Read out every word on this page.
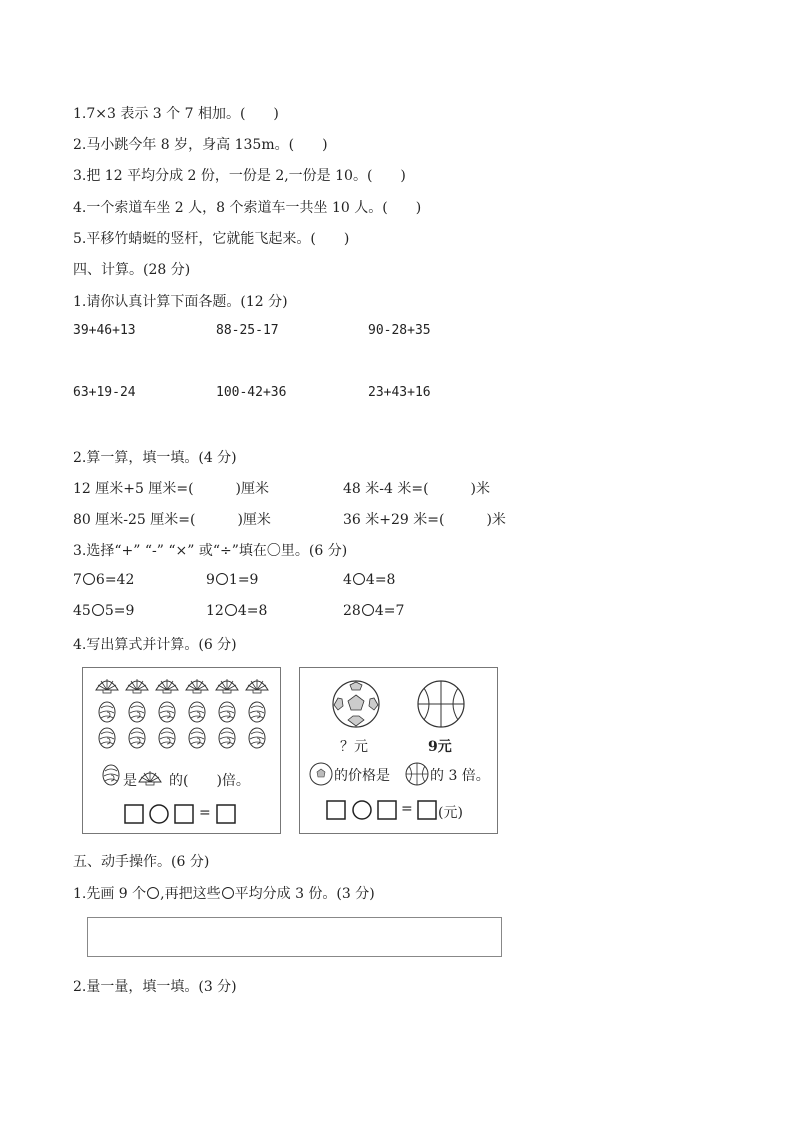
1.7×3 表示 3 个 7 相加。(　　)
2.马小跳今年 8 岁，身高 135m。(　　)
3.把 12 平均分成 2 份，一份是 2,一份是 10。(　　)
4.一个索道车坐 2 人，8 个索道车一共坐 10 人。(　　)
5.平移竹蜻蜓的竖杆，它就能飞起来。(　　)
四、计算。(28 分)
1.请你认真计算下面各题。(12 分)
39+46+13	88-25-17	90-28+35
63+19-24	100-42+36	23+43+16
2.算一算，填一填。(4 分)
12 厘米+5 厘米=(　　　)厘米	48 米-4 米=(　　　)米
80 厘米-25 厘米=(　　　)厘米	36 米+29 米=(　　　)米
3.选择“+” “-” “×” 或“÷”填在〇里。(6 分)
7 6=42	9 1=9	4 4=8
45 5=9	12 4=8	28 4=7
4.写出算式并计算。(6 分)
是 的(　　)倍。
=
？元	9元
的价格是	的 3 倍。
= (元)
五、动手操作。(6 分)
1.先画 9 个 ,再把这些 平均分成 3 份。(3 分)
2.量一量，填一填。(3 分)
